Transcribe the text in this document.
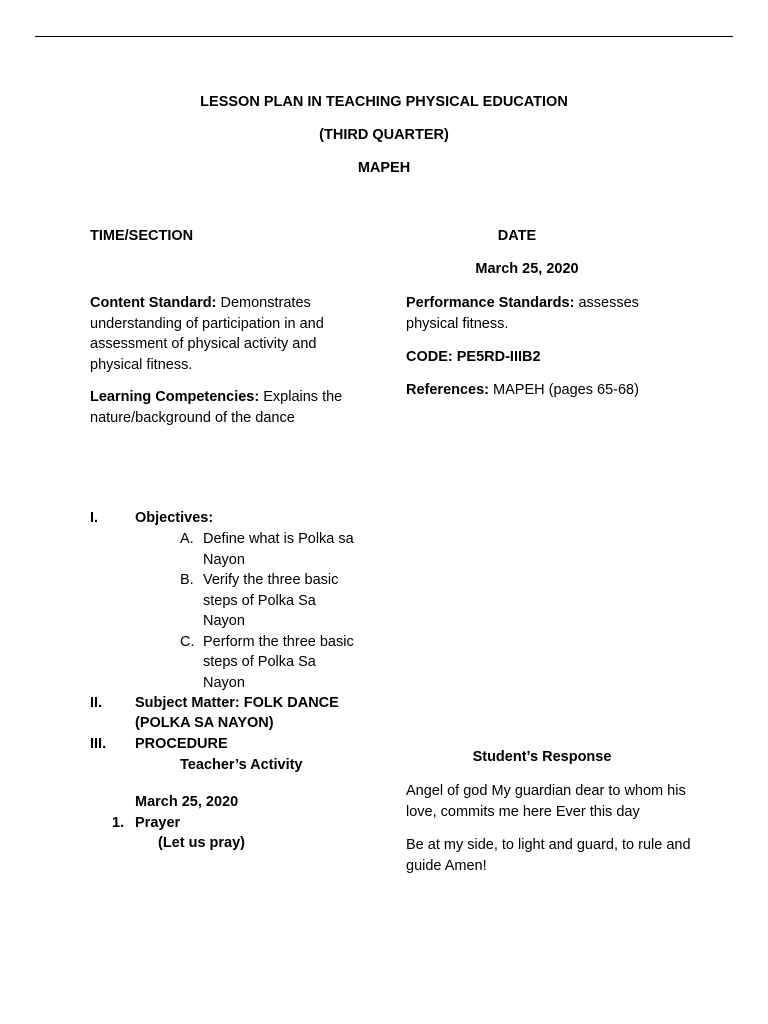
LESSON PLAN IN TEACHING PHYSICAL EDUCATION
(THIRD QUARTER)
MAPEH
TIME/SECTION
Content Standard: Demonstrates understanding of participation in and assessment of physical activity and physical fitness.
Learning Competencies: Explains the nature/background of the dance
DATE
March 25, 2020
Performance Standards: assesses physical fitness.
CODE: PE5RD-IIIB2
References: MAPEH (pages 65-68)
I.	Objectives:
A. Define what is Polka sa
Nayon
B. Verify the three basic
steps of Polka Sa
Nayon
C. Perform the three basic
steps of Polka Sa
Nayon
II. Subject Matter: FOLK DANCE
(POLKA SA NAYON)
III. PROCEDURE
Teacher’s Activity	Student’s Response
March 25, 2020
1. Prayer
(Let us pray)
Angel of god My guardian dear to whom his love, commits me here Ever this day
Be at my side, to light and guard, to rule and guide Amen!
